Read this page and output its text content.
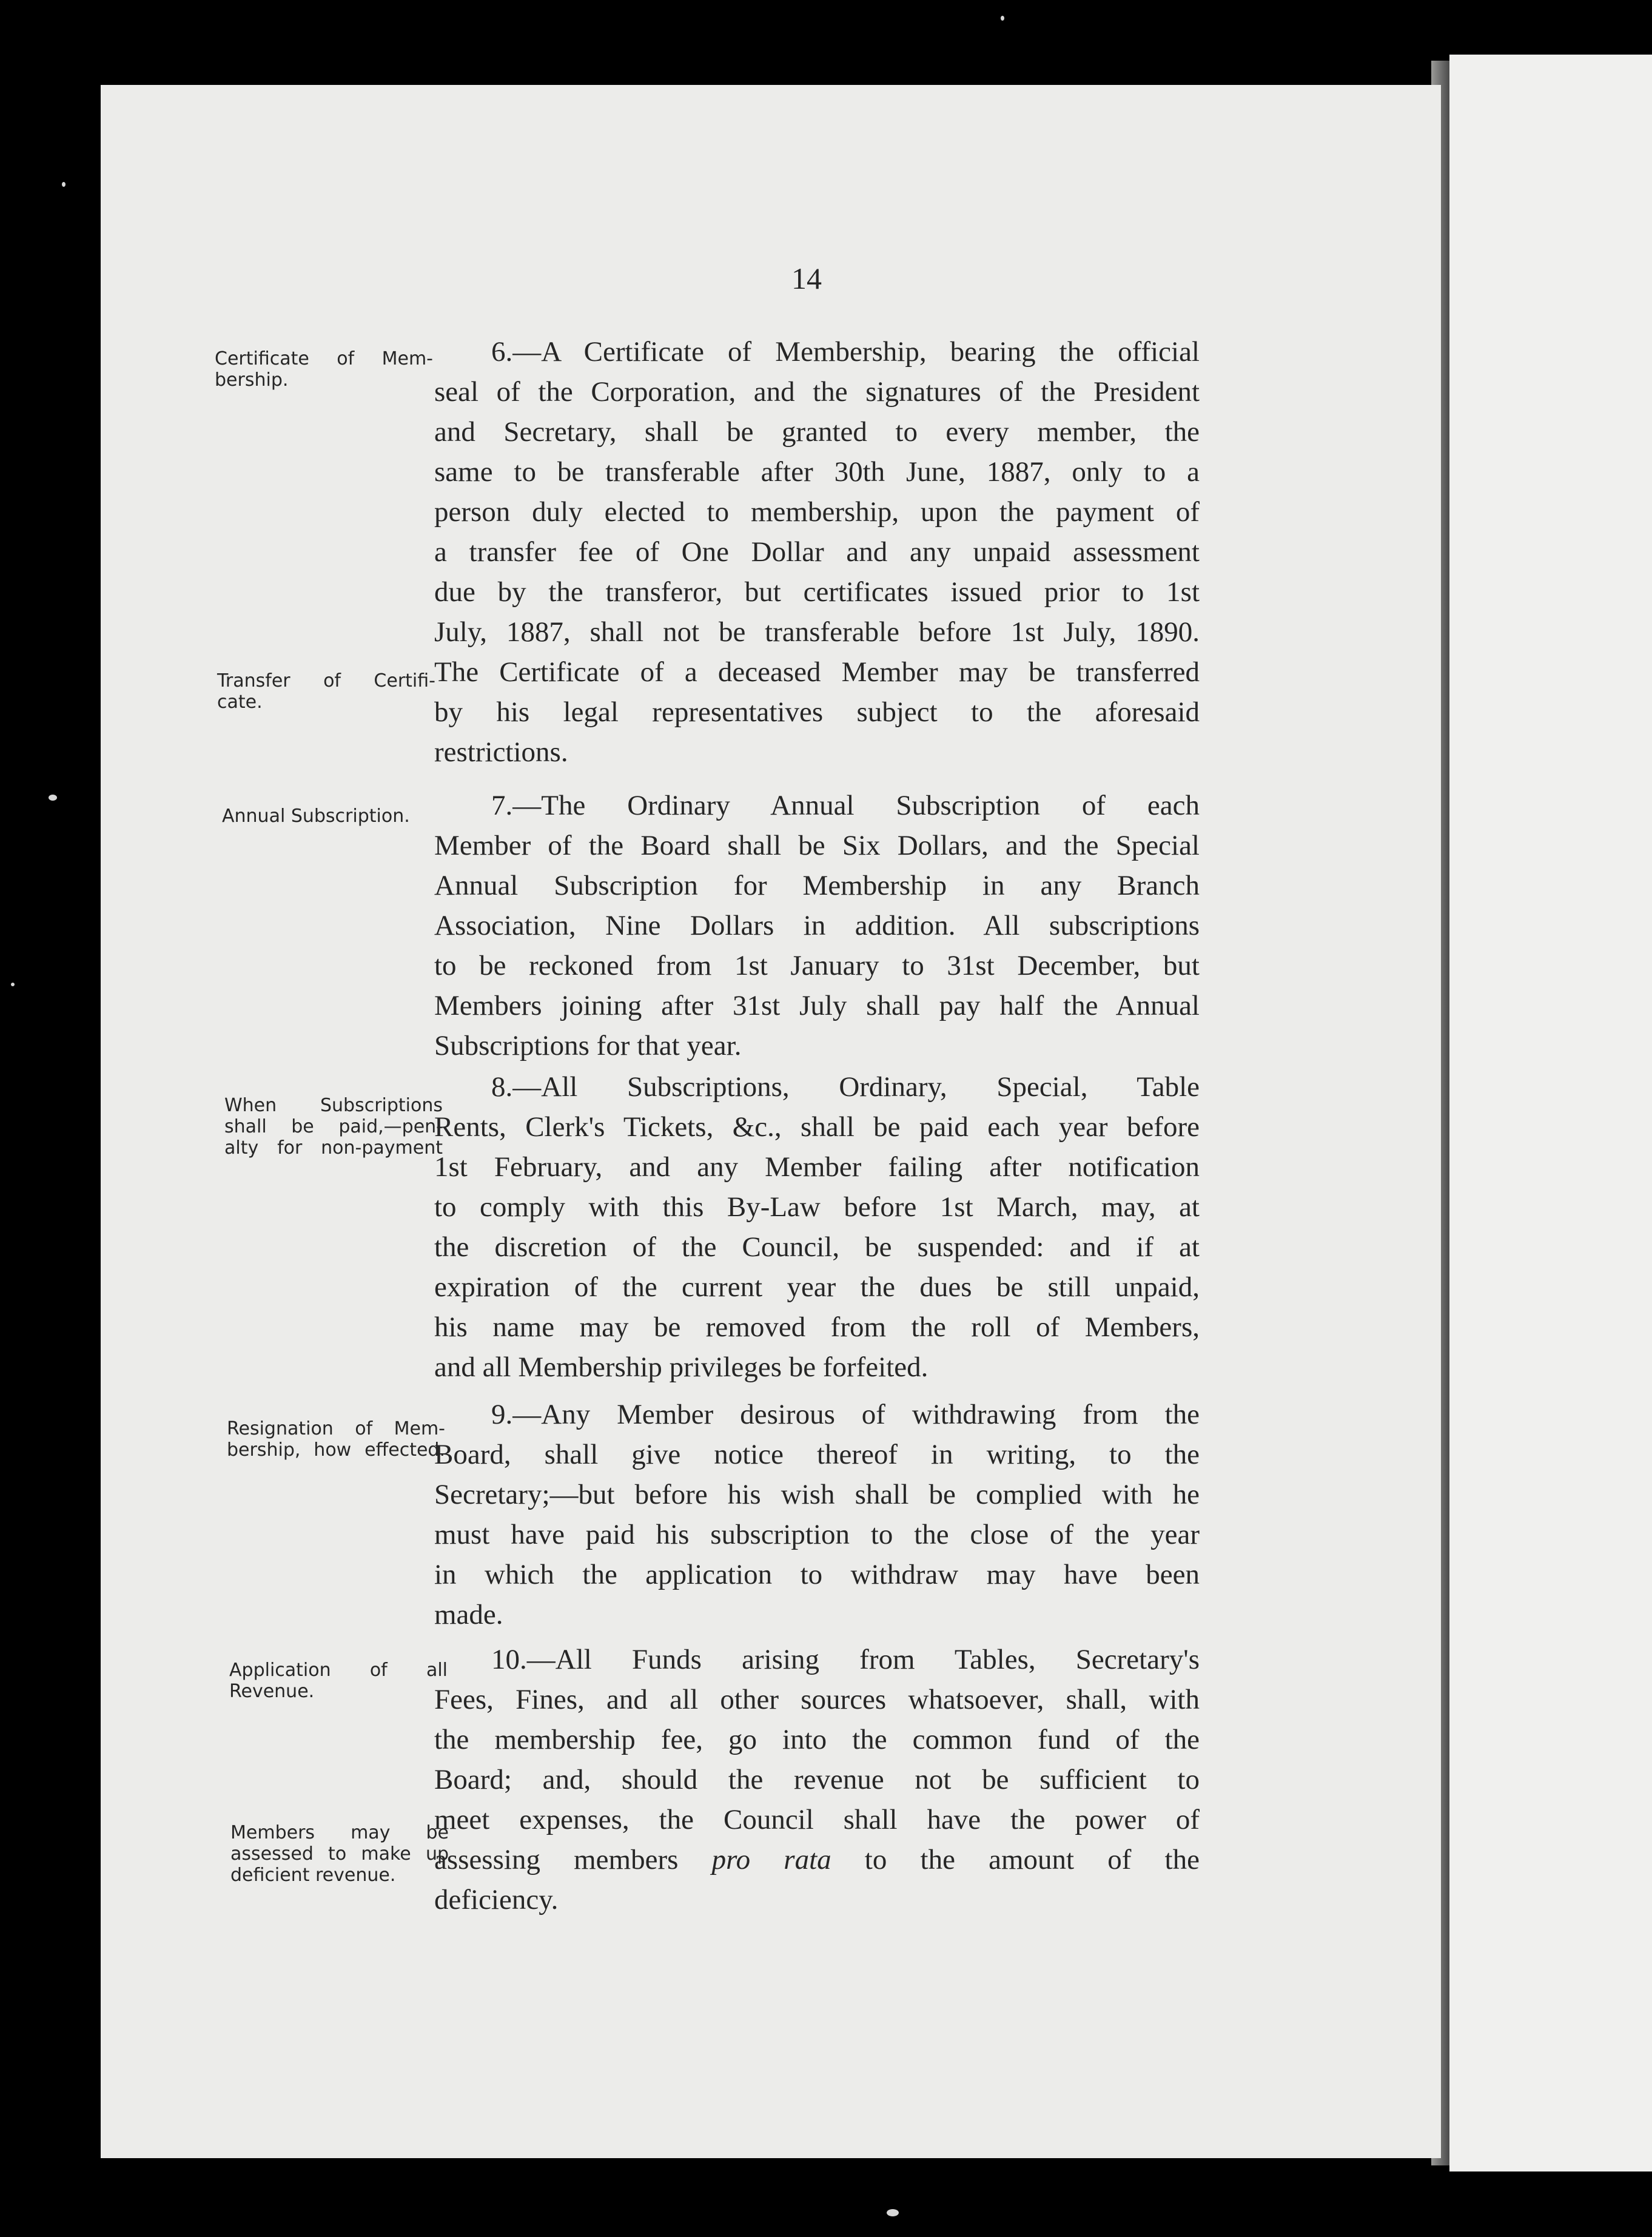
14
Certificate of Mem-
bership.
Transfer of Certifi-
cate.
Annual Subscription.
When Subscriptions
shall be paid,—pen-
alty for non-payment
Resignation of Mem-
bership, how effected.
Application of all
Revenue.
Members may be
assessed to make up
deficient revenue.
6.—A Certificate of Membership, bearing the official
seal of the Corporation, and the signatures of the President
and Secretary, shall be granted to every member, the
same to be transferable after 30th June, 1887, only to a
person duly elected to membership, upon the payment of
a transfer fee of One Dollar and any unpaid assessment
due by the transferor, but certificates issued prior to 1st
July, 1887, shall not be transferable before 1st July, 1890.
The Certificate of a deceased Member may be transferred
by his legal representatives subject to the aforesaid
restrictions.
7.—The Ordinary Annual Subscription of each
Member of the Board shall be Six Dollars, and the Special
Annual Subscription for Membership in any Branch
Association, Nine Dollars in addition. All subscriptions
to be reckoned from 1st January to 31st December, but
Members joining after 31st July shall pay half the Annual
Subscriptions for that year.
8.—All Subscriptions, Ordinary, Special, Table
Rents, Clerk's Tickets, &c., shall be paid each year before
1st February, and any Member failing after notification
to comply with this By-Law before 1st March, may, at
the discretion of the Council, be suspended: and if at
expiration of the current year the dues be still unpaid,
his name may be removed from the roll of Members,
and all Membership privileges be forfeited.
9.—Any Member desirous of withdrawing from the
Board, shall give notice thereof in writing, to the
Secretary;—but before his wish shall be complied with he
must have paid his subscription to the close of the year
in which the application to withdraw may have been
made.
10.—All Funds arising from Tables, Secretary's
Fees, Fines, and all other sources whatsoever, shall, with
the membership fee, go into the common fund of the
Board; and, should the revenue not be sufficient to
meet expenses, the Council shall have the power of
assessing members pro rata to the amount of the
deficiency.
